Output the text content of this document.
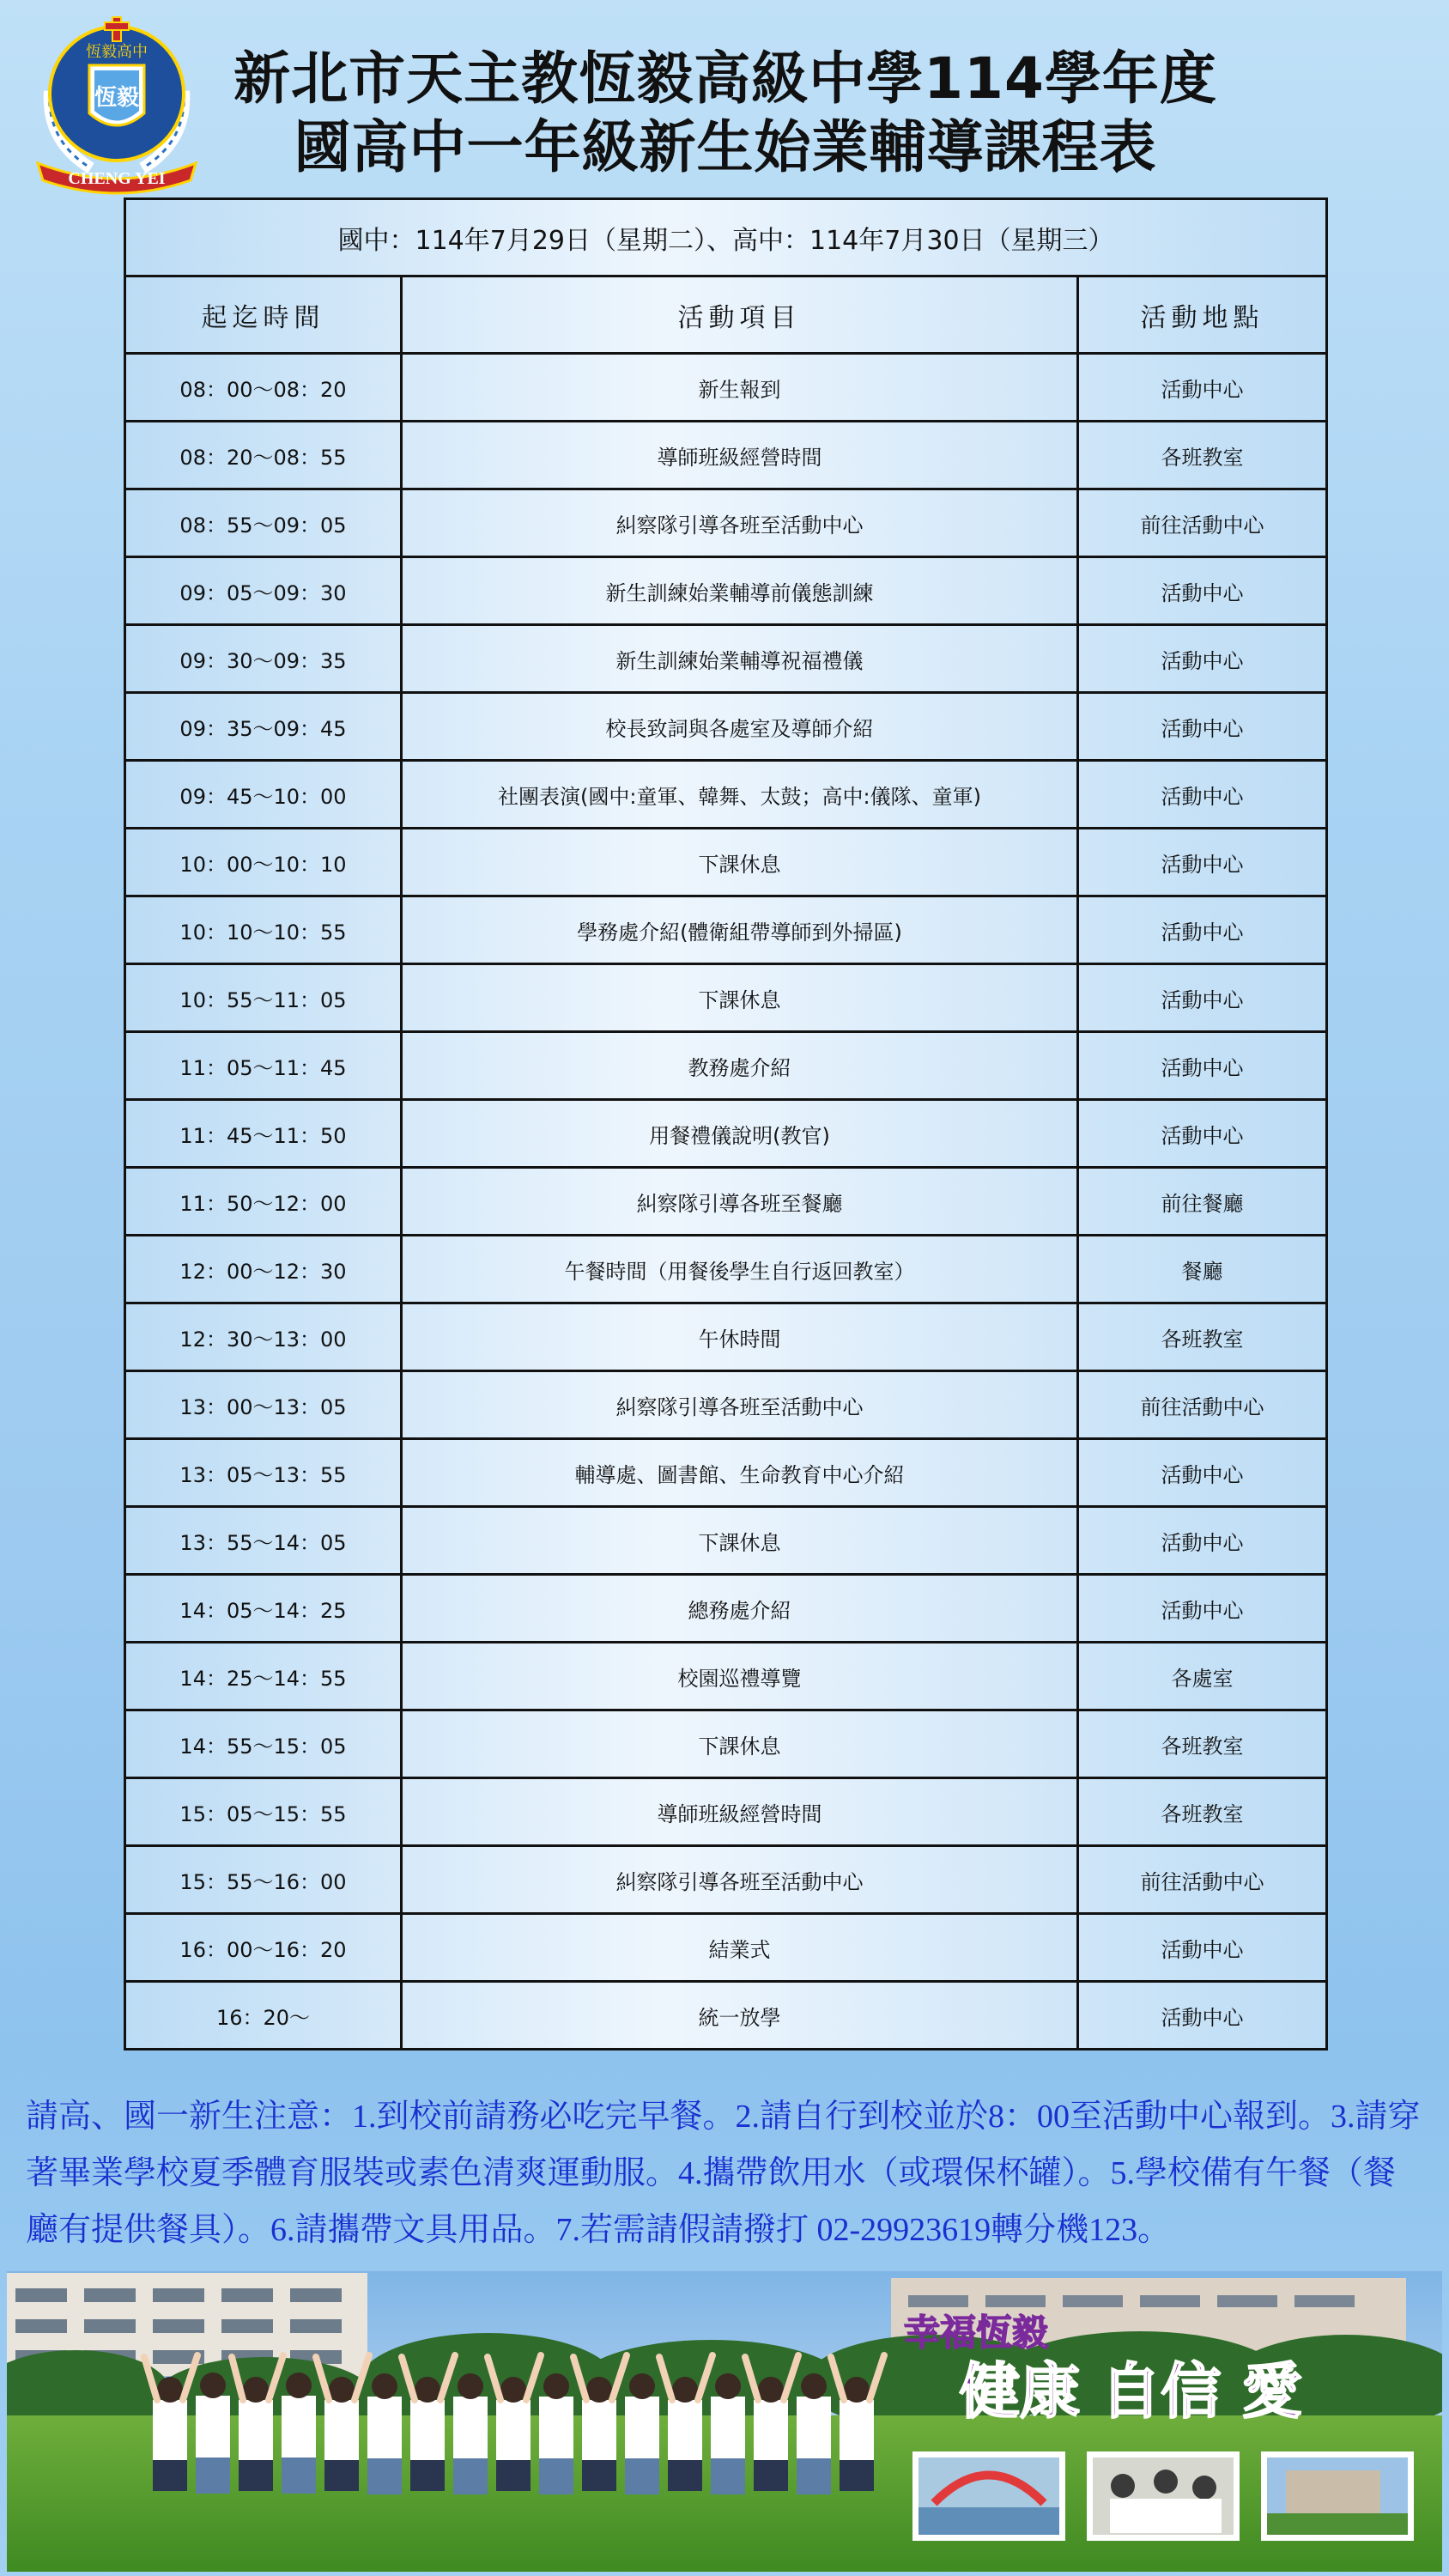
CHENG YEI
恆毅高中
恆毅	新北市天主教恆毅高級中學114學年度
國高中一年級新生始業輔導課程表
國中：114年7月29日（星期二）、高中：114年7月30日（星期三）		
起迄時間	活動項目	活動地點
08：00～08：20	新生報到	活動中心
08：20～08：55	導師班級經營時間	各班教室
08：55～09：05	糾察隊引導各班至活動中心	前往活動中心
09：05～09：30	新生訓練始業輔導前儀態訓練	活動中心
09：30～09：35	新生訓練始業輔導祝福禮儀	活動中心
09：35～09：45	校長致詞與各處室及導師介紹	活動中心
09：45～10：00	社團表演(國中:童軍、韓舞、太鼓；高中:儀隊、童軍)	活動中心
10：00～10：10	下課休息	活動中心
10：10～10：55	學務處介紹(體衛組帶導師到外掃區)	活動中心
10：55～11：05	下課休息	活動中心
11：05～11：45	教務處介紹	活動中心
11：45～11：50	用餐禮儀說明(教官)	活動中心
11：50～12：00	糾察隊引導各班至餐廳	前往餐廳
12：00～12：30	午餐時間（用餐後學生自行返回教室）	餐廳
12：30～13：00	午休時間	各班教室
13：00～13：05	糾察隊引導各班至活動中心	前往活動中心
13：05～13：55	輔導處、圖書館、生命教育中心介紹	活動中心
13：55～14：05	下課休息	活動中心
14：05～14：25	總務處介紹	活動中心
14：25～14：55	校園巡禮導覽	各處室
14：55～15：05	下課休息	各班教室
15：05～15：55	導師班級經營時間	各班教室
15：55～16：00	糾察隊引導各班至活動中心	前往活動中心
16：00～16：20	結業式	活動中心
16：20～	統一放學	活動中心
請高、國一新生注意：1.到校前請務必吃完早餐。2.請自行到校並於8：00至活動中心報到。3.請穿
著畢業學校夏季體育服裝或素色清爽運動服。4.攜帶飲用水（或環保杯罐）。5.學校備有午餐（餐
廳有提供餐具）。6.請攜帶文具用品。7.若需請假請撥打 02-29923619轉分機123。
幸福恆毅
健康 自信 愛
